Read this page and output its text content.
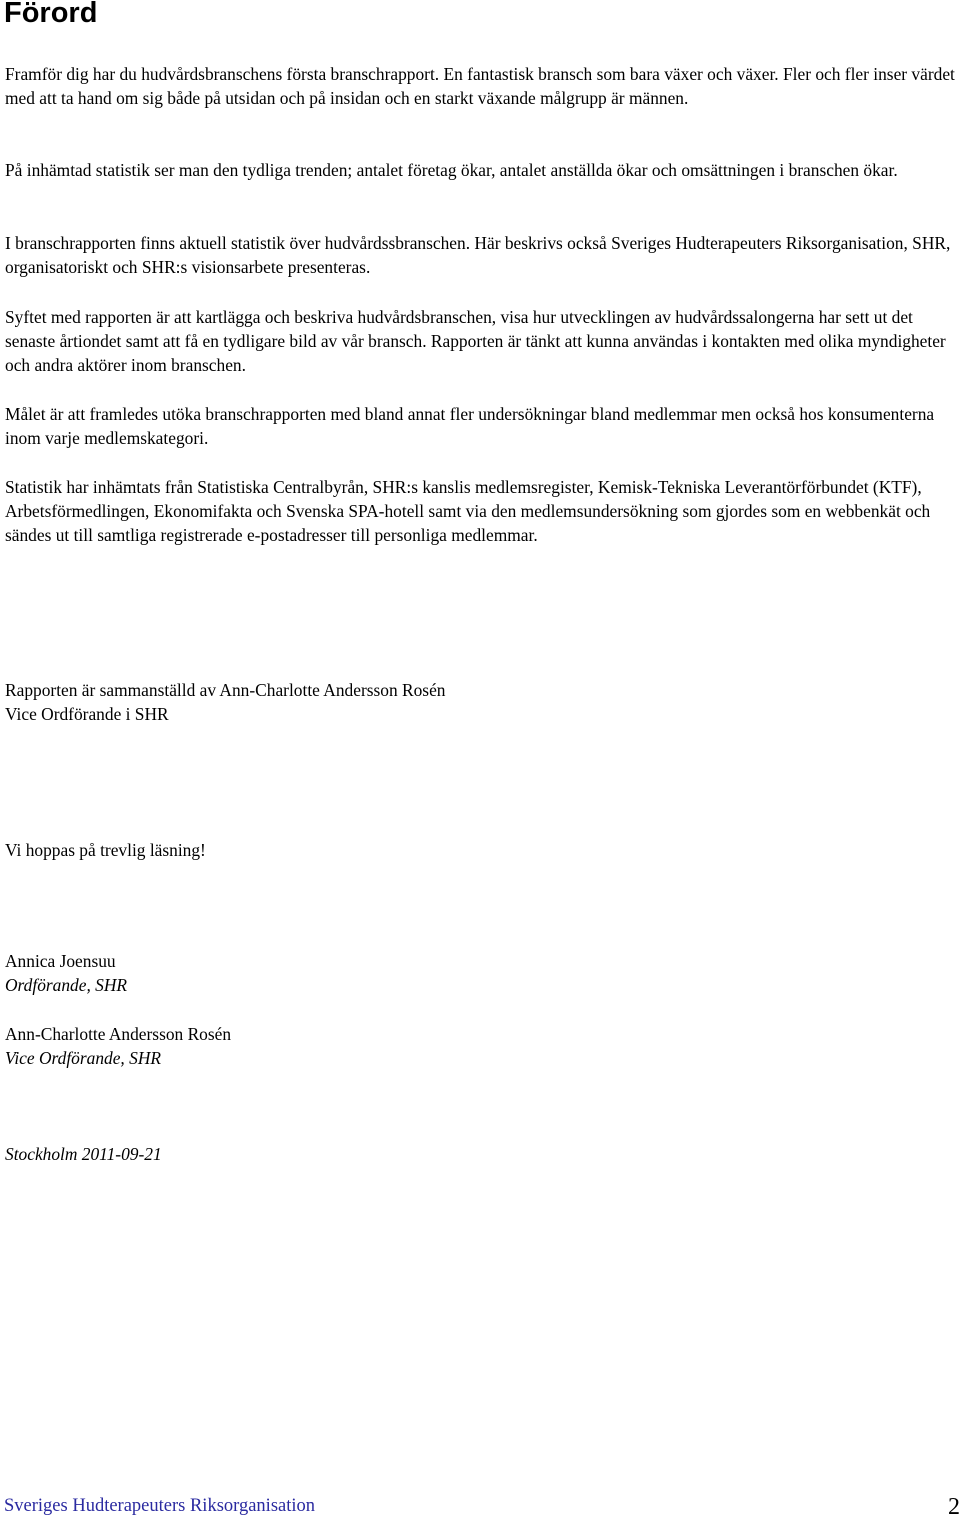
Förord

Framför dig har du hudvårdsbranschens första branschrapport. En fantastisk bransch som bara växer och växer. Fler och fler inser värdet med att ta hand om sig både på utsidan och på insidan och en starkt växande målgrupp är männen.

På inhämtad statistik ser man den tydliga trenden; antalet företag ökar, antalet anställda ökar och omsättningen i branschen ökar.

I branschrapporten finns aktuell statistik över hudvårdssbranschen. Här beskrivs också Sveriges Hudterapeuters Riksorganisation, SHR, organisatoriskt och SHR:s visionsarbete presenteras.

Syftet med rapporten är att kartlägga och beskriva hudvårdsbranschen, visa hur utvecklingen av hudvårdssalongerna har sett ut det senaste årtiondet samt att få en tydligare bild av vår bransch. Rapporten är tänkt att kunna användas i kontakten med olika myndigheter och andra aktörer inom branschen.

Målet är att framledes utöka branschrapporten med bland annat fler undersökningar bland medlemmar men också hos konsumenterna inom varje medlemskategori.

Statistik har inhämtats från Statistiska Centralbyrån, SHR:s kanslis medlemsregister, Kemisk-Tekniska Leverantörförbundet (KTF), Arbetsförmedlingen, Ekonomifakta och Svenska SPA-hotell samt via den medlemsundersökning som gjordes som en webbenkät och sändes ut till samtliga registrerade e-postadresser till personliga medlemmar.

Rapporten är sammanställd av Ann-Charlotte Andersson Rosén

Vice Ordförande i SHR

Vi hoppas på trevlig läsning!

Annica Joensuu

Ordförande, SHR

Ann-Charlotte Andersson Rosén

Vice Ordförande, SHR

Stockholm 2011-09-21

Sveriges Hudterapeuters Riksorganisation	2
